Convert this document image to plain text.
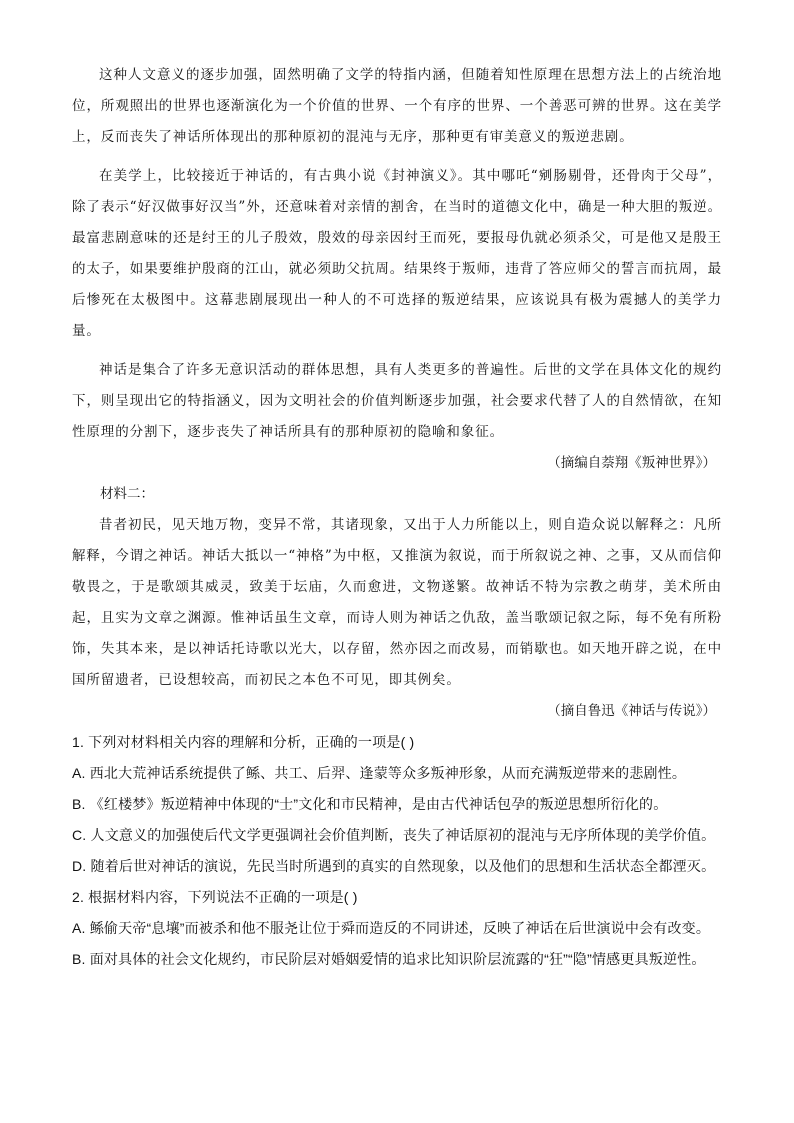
这种人文意义的逐步加强，固然明确了文学的特指内涵，但随着知性原理在思想方法上的占统治地位，所观照出的世界也逐渐演化为一个价值的世界、一个有序的世界、一个善恶可辨的世界。这在美学上，反而丧失了神话所体现出的那种原初的混沌与无序，那种更有审美意义的叛逆悲剧。

在美学上，比较接近于神话的，有古典小说《封神演义》。其中哪吒“剜肠剔骨，还骨肉于父母”，除了表示“好汉做事好汉当”外，还意味着对亲情的割舍，在当时的道德文化中，确是一种大胆的叛逆。最富悲剧意味的还是纣王的儿子殷效，殷效的母亲因纣王而死，要报母仇就必须杀父，可是他又是殷王的太子，如果要维护殷商的江山，就必须助父抗周。结果终于叛师，违背了答应师父的誓言而抗周，最后惨死在太极图中。这幕悲剧展现出一种人的不可选择的叛逆结果，应该说具有极为震撼人的美学力量。

神话是集合了许多无意识活动的群体思想，具有人类更多的普遍性。后世的文学在具体文化的规约下，则呈现出它的特指涵义，因为文明社会的价值判断逐步加强，社会要求代替了人的自然情欲，在知性原理的分割下，逐步丧失了神话所具有的那种原初的隐喻和象征。

（摘编自萘翔《叛神世界》）

材料二：

昔者初民，见天地万物，变异不常，其诸现象，又出于人力所能以上，则自造众说以解释之：凡所解释，今谓之神话。神话大抵以一“神格”为中枢，又推演为叙说，而于所叙说之神、之事，又从而信仰敬畏之，于是歌颂其威灵，致美于坛庙，久而愈进，文物遂繁。故神话不特为宗教之萌芽，美术所由起，且实为文章之渊源。惟神话虽生文章，而诗人则为神话之仇敌，盖当歌颂记叙之际，每不免有所粉饰，失其本来，是以神话托诗歌以光大，以存留，然亦因之而改易，而销歇也。如天地开辟之说，在中国所留遗者，已设想较高，而初民之本色不可见，即其例矣。

（摘自鲁迅《神话与传说》）

1. 下列对材料相关内容的理解和分析，正确的一项是( )

A. 西北大荒神话系统提供了鲧、共工、后羿、逢蒙等众多叛神形象，从而充满叛逆带来的悲剧性。

B. 《红楼梦》叛逆精神中体现的“士”文化和市民精神，是由古代神话包孕的叛逆思想所衍化的。

C. 人文意义的加强使后代文学更强调社会价值判断，丧失了神话原初的混沌与无序所体现的美学价值。

D. 随着后世对神话的演说，先民当时所遇到的真实的自然现象，以及他们的思想和生活状态全都湮灭。

2. 根据材料内容，下列说法不正确的一项是( )

A. 鲧偷天帝“息壤”而被杀和他不服尧让位于舜而造反的不同讲述，反映了神话在后世演说中会有改变。

B. 面对具体的社会文化规约，市民阶层对婚姻爱情的追求比知识阶层流露的“狂”“隐”情感更具叛逆性。
